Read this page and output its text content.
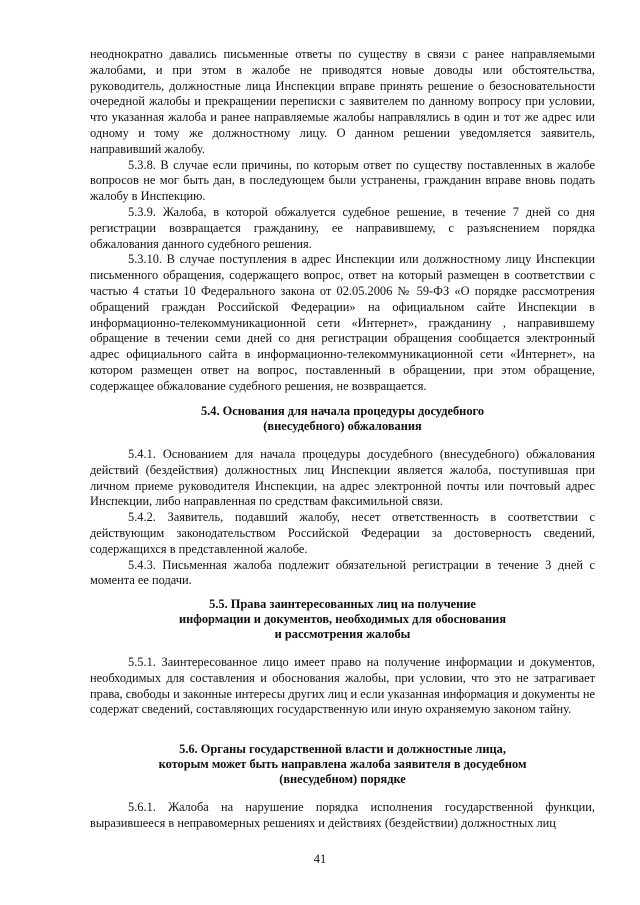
неоднократно давались письменные ответы по существу в связи с ранее направляемыми жалобами, и при этом в жалобе не приводятся новые доводы или обстоятельства, руководитель, должностные лица Инспекции вправе принять решение о безосновательности очередной жалобы и прекращении переписки с заявителем по данному вопросу при условии, что указанная жалоба и ранее направляемые жалобы направлялись в один и тот же адрес или одному и тому же должностному лицу. О данном решении уведомляется заявитель, направивший жалобу.

5.3.8. В случае если причины, по которым ответ по существу поставленных в жалобе вопросов не мог быть дан, в последующем были устранены, гражданин вправе вновь подать жалобу в Инспекцию.

5.3.9. Жалоба, в которой обжалуется судебное решение, в течение 7 дней со дня регистрации возвращается гражданину, ее направившему, с разъяснением порядка обжалования данного судебного решения.

5.3.10. В случае поступления в адрес Инспекции или должностному лицу Инспекции письменного обращения, содержащего вопрос, ответ на который размещен в соответствии с частью 4 статьи 10 Федерального закона от 02.05.2006 № 59-ФЗ «О порядке рассмотрения обращений граждан Российской Федерации» на официальном сайте Инспекции в информационно-телекоммуникационной сети «Интернет», гражданину , направившему обращение в течении семи дней со дня регистрации обращения сообщается электронный адрес официального сайта в информационно-телекоммуникационной сети «Интернет», на котором размещен ответ на вопрос, поставленный в обращении, при этом обращение, содержащее обжалование судебного решения, не возвращается.

5.4. Основания для начала процедуры досудебного
(внесудебного) обжалования

5.4.1. Основанием для начала процедуры досудебного (внесудебного) обжалования действий (бездействия) должностных лиц Инспекции является жалоба, поступившая при личном приеме руководителя Инспекции, на адрес электронной почты или почтовый адрес Инспекции, либо направленная по средствам факсимильной связи.

5.4.2. Заявитель, подавший жалобу, несет ответственность в соответствии с действующим законодательством Российской Федерации за достоверность сведений, содержащихся в представленной жалобе.

5.4.3. Письменная жалоба подлежит обязательной регистрации в течение 3 дней с момента ее подачи.

5.5. Права заинтересованных лиц на получение
информации и документов, необходимых для обоснования
и рассмотрения жалобы

5.5.1. Заинтересованное лицо имеет право на получение информации и документов, необходимых для составления и обоснования жалобы, при условии, что это не затрагивает права, свободы и законные интересы других лиц и если указанная информация и документы не содержат сведений, составляющих государственную или иную охраняемую законом тайну.

5.6. Органы государственной власти и должностные лица,
которым может быть направлена жалоба заявителя в досудебном
(внесудебном) порядке

5.6.1. Жалоба на нарушение порядка исполнения государственной функции, выразившееся в неправомерных решениях и действиях (бездействии) должностных лиц

41
